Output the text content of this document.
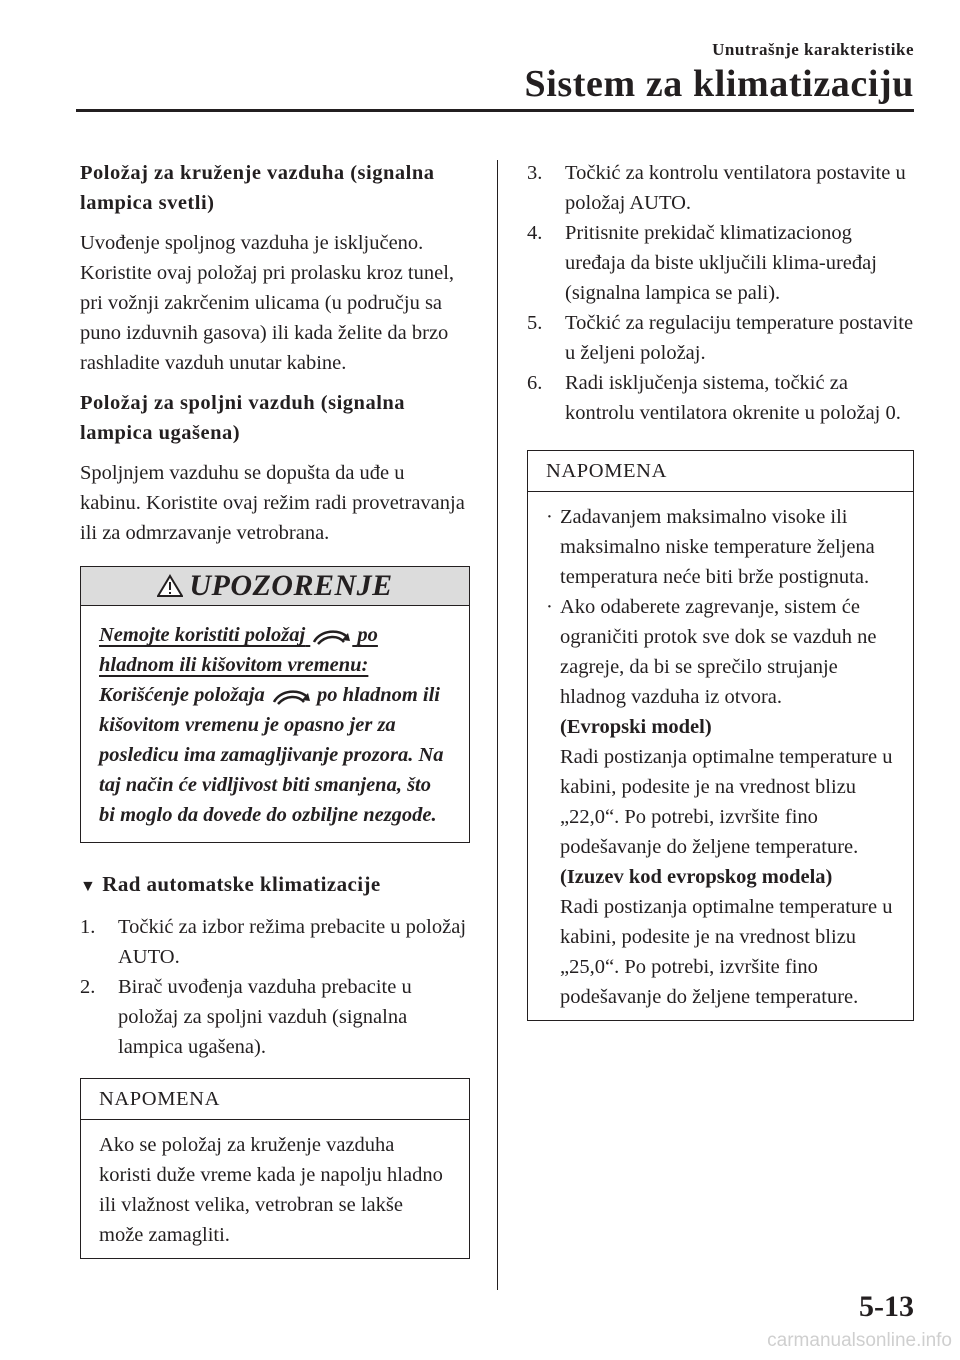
Unutrašnje karakteristike
Sistem za klimatizaciju

Položaj za kruženje vazduha (signalna lampica svetli)

Uvođenje spoljnog vazduha je isključeno. Koristite ovaj položaj pri prolasku kroz tunel, pri vožnji zakrčenim ulicama (u području sa puno izduvnih gasova) ili kada želite da brzo rashladite vazduh unutar kabine.

Položaj za spoljni vazduh (signalna lampica ugašena)

Spoljnjem vazduhu se dopušta da uđe u kabinu. Koristite ovaj režim radi provetravanja ili za odmrzavanje vetrobrana.

UPOZORENJE
Nemojte koristiti položaj	po hladnom ili kišovitom vremenu:
Korišćenje položaja	po hladnom ili kišovitom vremenu je opasno jer za posledicu ima zamagljivanje prozora. Na taj način će vidljivost biti smanjena, što bi moglo da dovede do ozbiljne nezgode.

▼ Rad automatske klimatizacije

1.	Točkić za izbor režima prebacite u položaj AUTO.
2.	Birač uvođenja vazduha prebacite u položaj za spoljni vazduh (signalna lampica ugašena).
NAPOMENA
Ako se položaj za kruženje vazduha koristi duže vreme kada je napolju hladno ili vlažnost velika, vetrobran se lakše može zamagliti.
3.	Točkić za kontrolu ventilatora postavite u položaj AUTO.
4.	Pritisnite prekidač klimatizacionog uređaja da biste uključili klima-uređaj (signalna lampica se pali).
5.	Točkić za regulaciju temperature postavite u željeni položaj.
6.	Radi isključenja sistema, točkić za kontrolu ventilatora okrenite u položaj 0.
NAPOMENA
· Zadavanjem maksimalno visoke ili maksimalno niske temperature željena temperatura neće biti brže postignuta.
· Ako odaberete zagrevanje, sistem će ograničiti protok sve dok se vazduh ne zagreje, da bi se sprečilo strujanje hladnog vazduha iz otvora.
(Evropski model)
Radi postizanja optimalne temperature u kabini, podesite je na vrednost blizu „22,0“. Po potrebi, izvršite fino podešavanje do željene temperature.
(Izuzev kod evropskog modela)
Radi postizanja optimalne temperature u kabini, podesite je na vrednost blizu „25,0“. Po potrebi, izvršite fino podešavanje do željene temperature.
5-13
carmanualsonline.info
